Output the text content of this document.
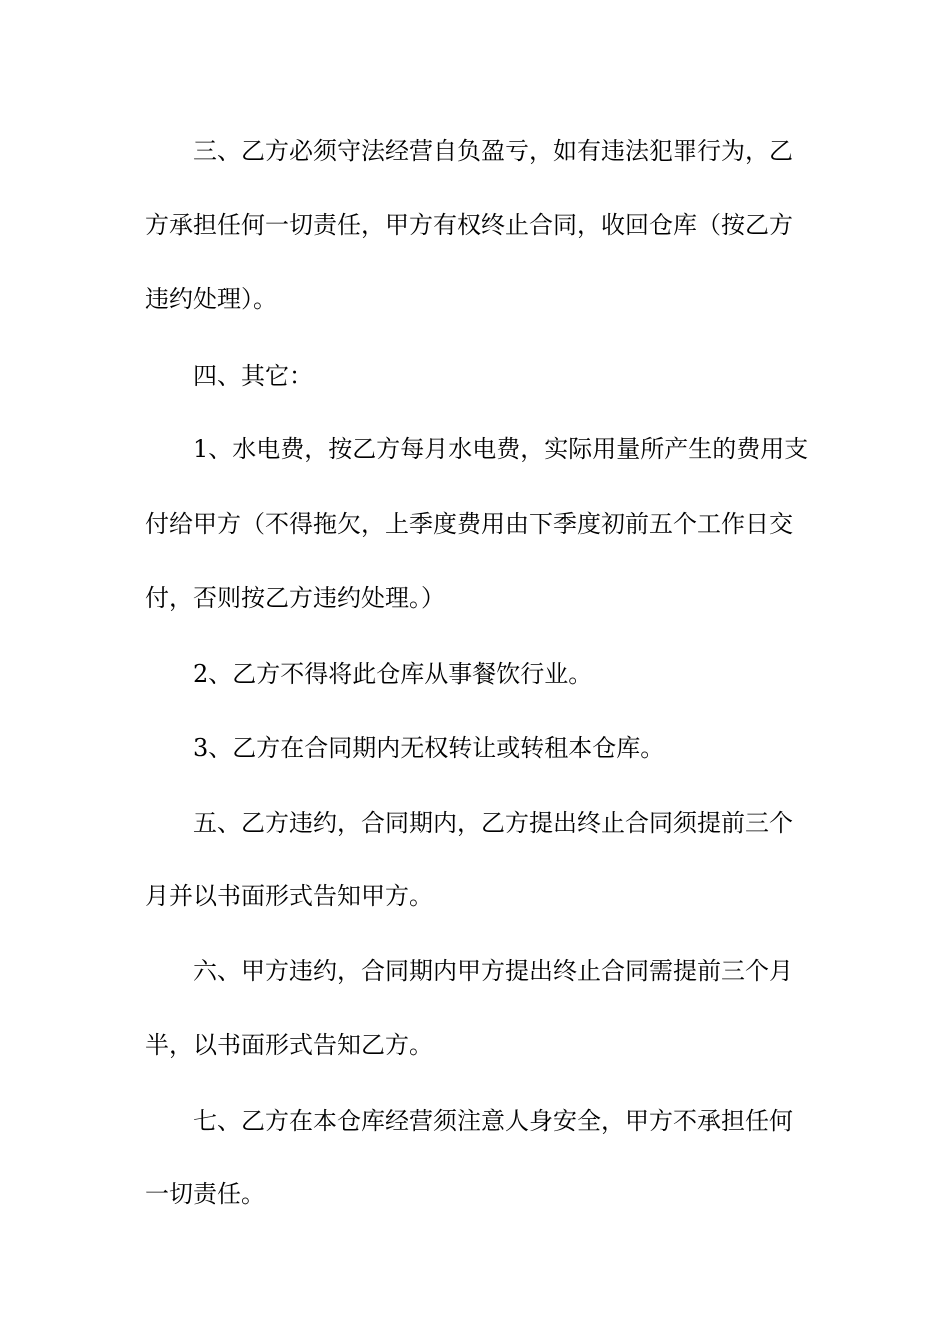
三、乙方必须守法经营自负盈亏，如有违法犯罪行为，乙

方承担任何一切责任，甲方有权终止合同，收回仓库（按乙方

违约处理）。

四、其它：

1、水电费，按乙方每月水电费，实际用量所产生的费用支

付给甲方（不得拖欠，上季度费用由下季度初前五个工作日交

付，否则按乙方违约处理。）

2、乙方不得将此仓库从事餐饮行业。

3、乙方在合同期内无权转让或转租本仓库。

五、乙方违约，合同期内，乙方提出终止合同须提前三个

月并以书面形式告知甲方。

六、甲方违约，合同期内甲方提出终止合同需提前三个月

半，以书面形式告知乙方。

七、乙方在本仓库经营须注意人身安全，甲方不承担任何

一切责任。
